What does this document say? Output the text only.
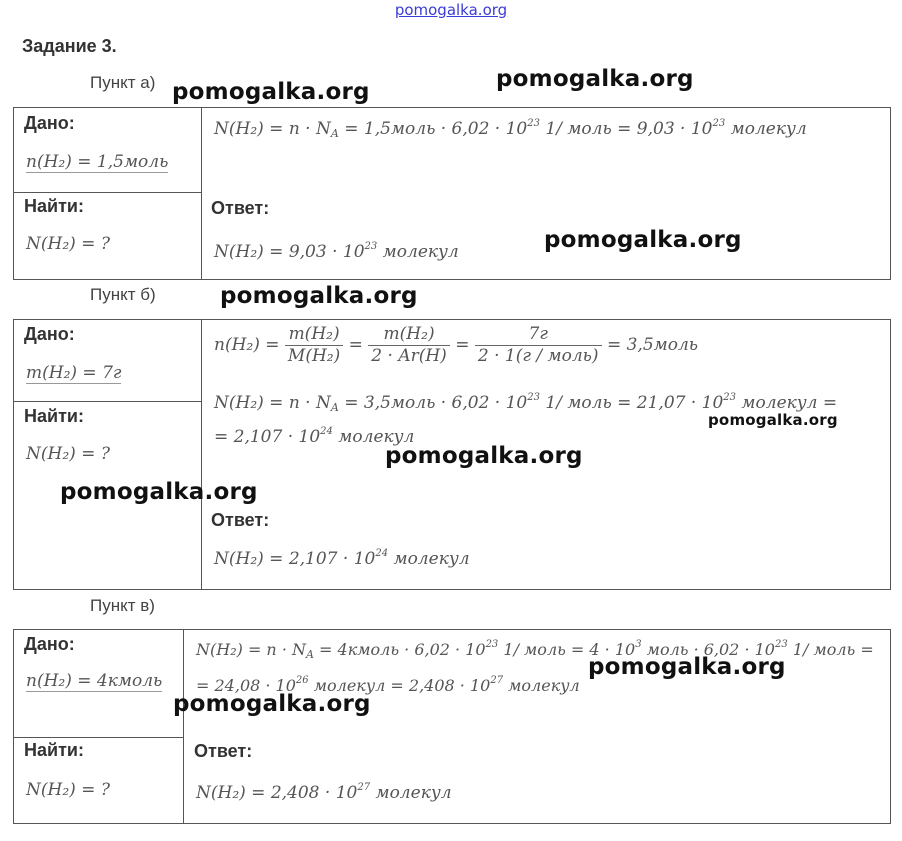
pomogalka.org
Задание 3.
Пункт а)
Дано:
n(H₂) = 1,5моль
Найти:
N(H₂) = ?
$N(H_2) = n \cdot N_A$ = 1,5моль · $6,02 \cdot 10^{23}$ 1/ моль = $9,03 \cdot 10^{23}$ молекул
Ответ:
$N(H_2) = 9,03 \cdot 10^{23}$ молекул
Пункт б)
Дано:
m(H₂) = 7г
Найти:
N(H₂) = ?
$n(H_2) = \frac{\text{m(H₂)}}{\text{M(H₂)}} = \frac{\text{m(H₂)}}{2 \cdot Ar(H)} = \frac{7г}{\text{2 · 1(г / моль)}}$ = 3,5моль
$N(H_2) = n \cdot N_A$ = 3,5моль · $6,02 \cdot 10^{23}$ 1/ моль = $21,07 \cdot 10^{23}$ молекул =
= $2,107 \cdot 10^{24}$ молекул
Ответ:
$N(H_2) = 2,107 \cdot 10^{24}$ молекул
Пункт в)
Дано:
n(H₂) = 4кмоль
Найти:
N(H₂) = ?
$N(H_2) = n \cdot N_A$ = 4кмоль · $6,02 \cdot 10^{23}$ 1/ моль = $4 \cdot 10^3$ моль · $6,02 \cdot 10^{23}$ 1/ моль =
= $24,08 \cdot 10^{26}$ молекул = $2,408 \cdot 10^{27}$ молекул
Ответ:
$N(H_2) = 2,408 \cdot 10^{27}$ молекул
pomogalka.org	pomogalka.org
pomogalka.org
pomogalka.org
pomogalka.org
pomogalka.org
pomogalka.org
pomogalka.org
pomogalka.org
